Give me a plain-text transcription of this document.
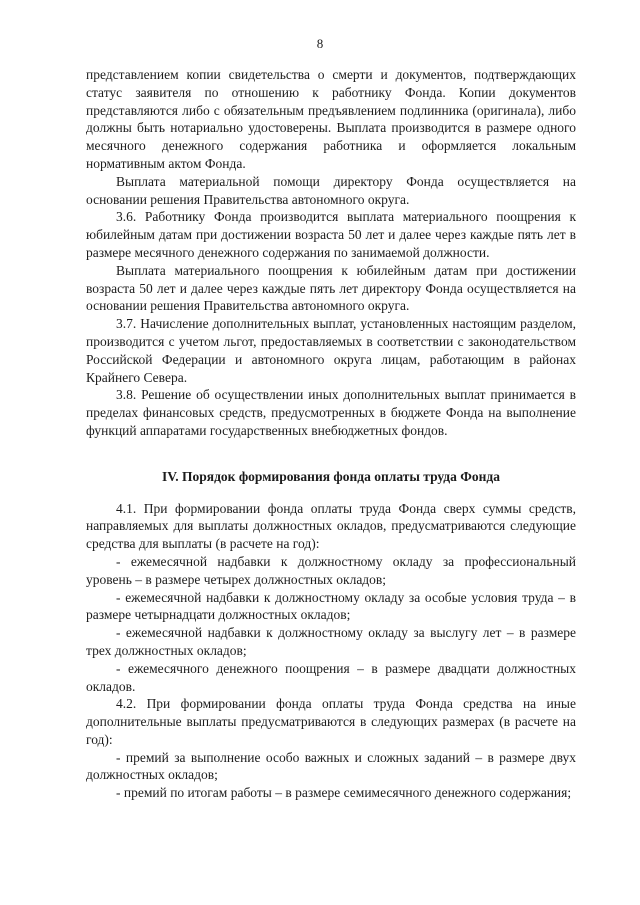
8

представлением копии свидетельства о смерти и документов, подтверждающих статус заявителя по отношению к работнику Фонда. Копии документов представляются либо с обязательным предъявлением подлинника (оригинала), либо должны быть нотариально удостоверены. Выплата производится в размере одного месячного денежного содержания работника и оформляется локальным нормативным актом Фонда.

Выплата материальной помощи директору Фонда осуществляется на основании решения Правительства автономного округа.

3.6. Работнику Фонда производится выплата материального поощрения к юбилейным датам при достижении возраста 50 лет и далее через каждые пять лет в размере месячного денежного содержания по занимаемой должности.

Выплата материального поощрения к юбилейным датам при достижении возраста 50 лет и далее через каждые пять лет директору Фонда осуществляется на основании решения Правительства автономного округа.

3.7. Начисление дополнительных выплат, установленных настоящим разделом, производится с учетом льгот, предоставляемых в соответствии с законодательством Российской Федерации и автономного округа лицам, работающим в районах Крайнего Севера.

3.8. Решение об осуществлении иных дополнительных выплат принимается в пределах финансовых средств, предусмотренных в бюджете Фонда на выполнение функций аппаратами государственных внебюджетных фондов.

IV. Порядок формирования фонда оплаты труда Фонда

4.1. При формировании фонда оплаты труда Фонда сверх суммы средств, направляемых для выплаты должностных окладов, предусматриваются следующие средства для выплаты (в расчете на год):

- ежемесячной надбавки к должностному окладу за профессиональный уровень – в размере четырех должностных окладов;

- ежемесячной надбавки к должностному окладу за особые условия труда – в размере четырнадцати должностных окладов;

- ежемесячной надбавки к должностному окладу за выслугу лет – в размере трех должностных окладов;

- ежемесячного денежного поощрения – в размере двадцати должностных окладов.

4.2. При формировании фонда оплаты труда Фонда средства на иные дополнительные выплаты предусматриваются в следующих размерах (в расчете на год):

- премий за выполнение особо важных и сложных заданий – в размере двух должностных окладов;

- премий по итогам работы – в размере семимесячного денежного содержания;
